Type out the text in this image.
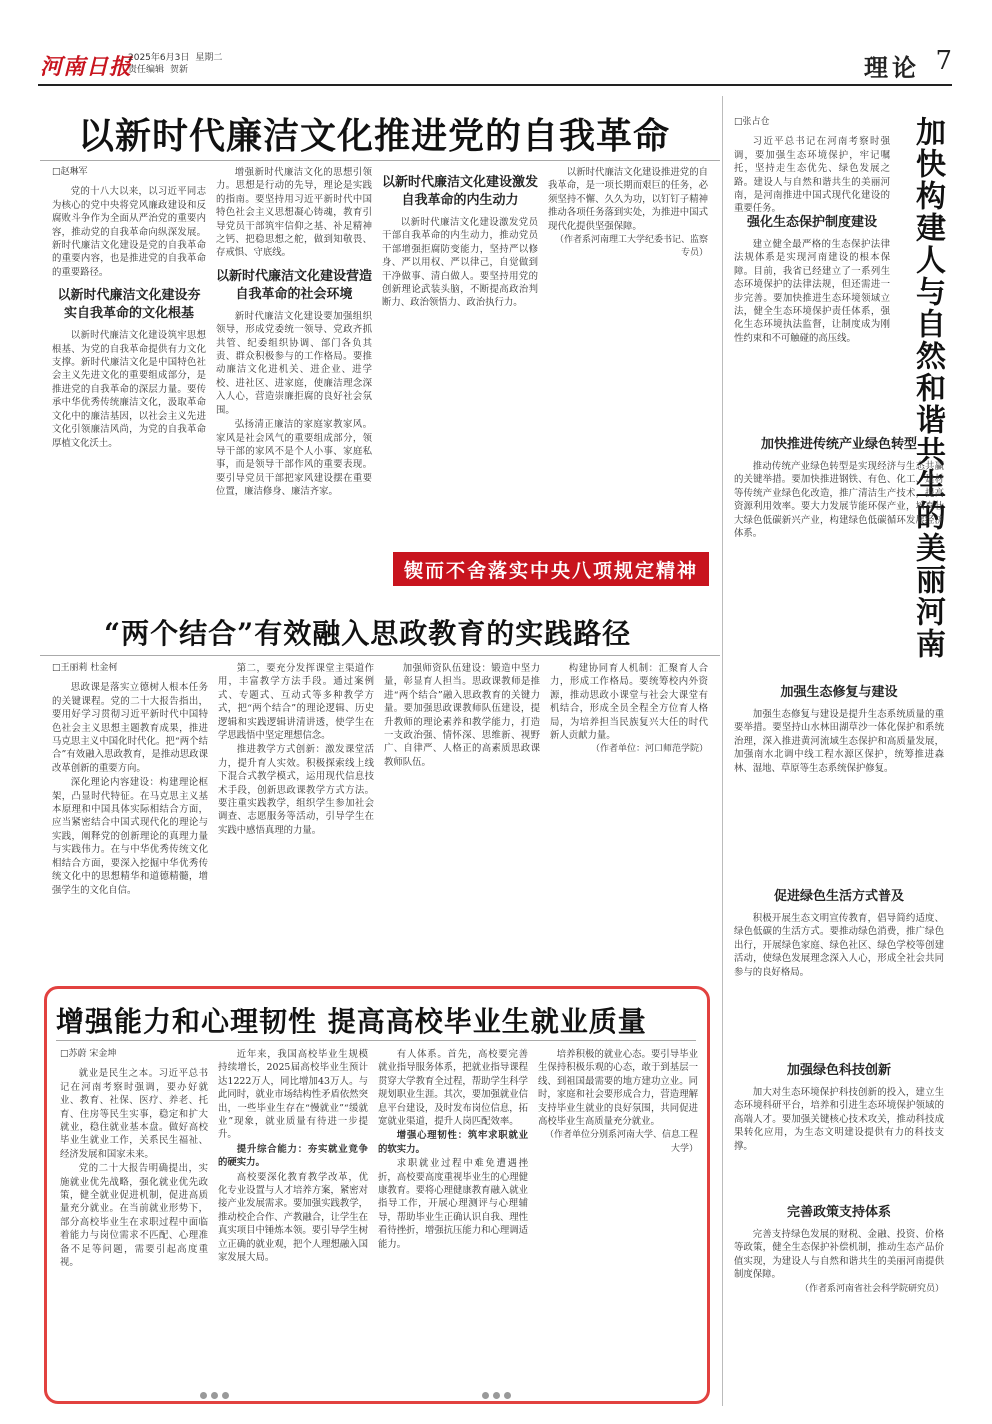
河南日报
2025年6月3日 星期二
责任编辑 贺新	理论 7
以新时代廉洁文化推进党的自我革命

□赵琳军

党的十八大以来，以习近平同志为核心的党中央将党风廉政建设和反腐败斗争作为全面从严治党的重要内容，推动党的自我革命向纵深发展。新时代廉洁文化建设是党的自我革命的重要内容，也是推进党的自我革命的重要路径。

以新时代廉洁文化建设夯实自我革命的文化根基

以新时代廉洁文化建设筑牢思想根基、为党的自我革命提供有力文化支撑。新时代廉洁文化是中国特色社会主义先进文化的重要组成部分，是推进党的自我革命的深层力量。要传承中华优秀传统廉洁文化，汲取革命文化中的廉洁基因，以社会主义先进文化引领廉洁风尚，为党的自我革命厚植文化沃土。

增强新时代廉洁文化的思想引领力。思想是行动的先导，理论是实践的指南。要坚持用习近平新时代中国特色社会主义思想凝心铸魂，教育引导党员干部筑牢信仰之基、补足精神之钙、把稳思想之舵，做到知敬畏、存戒惧、守底线。

以新时代廉洁文化建设营造自我革命的社会环境

新时代廉洁文化建设要加强组织领导，形成党委统一领导、党政齐抓共管、纪委组织协调、部门各负其责、群众积极参与的工作格局。要推动廉洁文化进机关、进企业、进学校、进社区、进家庭，使廉洁理念深入人心，营造崇廉拒腐的良好社会氛围。

弘扬清正廉洁的家庭家教家风。家风是社会风气的重要组成部分，领导干部的家风不是个人小事、家庭私事，而是领导干部作风的重要表现。要引导党员干部把家风建设摆在重要位置，廉洁修身、廉洁齐家。

以新时代廉洁文化建设激发自我革命的内生动力

以新时代廉洁文化建设激发党员干部自我革命的内生动力，推动党员干部增强拒腐防变能力，坚持严以修身、严以用权、严以律己，自觉做到干净做事、清白做人。要坚持用党的创新理论武装头脑，不断提高政治判断力、政治领悟力、政治执行力。

以新时代廉洁文化建设推进党的自我革命，是一项长期而艰巨的任务，必须坚持不懈、久久为功，以钉钉子精神推动各项任务落到实处，为推进中国式现代化提供坚强保障。

（作者系河南理工大学纪委书记、监察专员）

锲而不舍落实中央八项规定精神
“两个结合”有效融入思政教育的实践路径

□王丽莉 杜金柯

思政课是落实立德树人根本任务的关键课程。党的二十大报告指出，要用好学习贯彻习近平新时代中国特色社会主义思想主题教育成果，推进马克思主义中国化时代化。把“两个结合”有效融入思政教育，是推动思政课改革创新的重要方向。

深化理论内容建设：构建理论框架，凸显时代特征。在马克思主义基本原理和中国具体实际相结合方面，应当紧密结合中国式现代化的理论与实践，阐释党的创新理论的真理力量与实践伟力。在与中华优秀传统文化相结合方面，要深入挖掘中华优秀传统文化中的思想精华和道德精髓，增强学生的文化自信。

第二，要充分发挥课堂主渠道作用，丰富教学方法手段。通过案例式、专题式、互动式等多种教学方式，把“两个结合”的理论逻辑、历史逻辑和实践逻辑讲清讲透，使学生在学思践悟中坚定理想信念。

推进教学方式创新：激发课堂活力，提升育人实效。积极探索线上线下混合式教学模式，运用现代信息技术手段，创新思政课教学方式方法。要注重实践教学，组织学生参加社会调查、志愿服务等活动，引导学生在实践中感悟真理的力量。

加强师资队伍建设：锻造中坚力量，彰显育人担当。思政课教师是推进“两个结合”融入思政教育的关键力量。要加强思政课教师队伍建设，提升教师的理论素养和教学能力，打造一支政治强、情怀深、思维新、视野广、自律严、人格正的高素质思政课教师队伍。

构建协同育人机制：汇聚育人合力，形成工作格局。要统筹校内外资源，推动思政小课堂与社会大课堂有机结合，形成全员全程全方位育人格局，为培养担当民族复兴大任的时代新人贡献力量。

（作者单位：河口师范学院）

增强能力和心理韧性 提高高校毕业生就业质量

□苏蔚 宋金坤

就业是民生之本。习近平总书记在河南考察时强调，要办好就业、教育、社保、医疗、养老、托育、住房等民生实事，稳定和扩大就业，稳住就业基本盘。做好高校毕业生就业工作，关系民生福祉、经济发展和国家未来。

党的二十大报告明确提出，实施就业优先战略，强化就业优先政策，健全就业促进机制，促进高质量充分就业。在当前就业形势下，部分高校毕业生在求职过程中面临着能力与岗位需求不匹配、心理准备不足等问题，需要引起高度重视。

近年来，我国高校毕业生规模持续增长，2025届高校毕业生预计达1222万人，同比增加43万人。与此同时，就业市场结构性矛盾依然突出，一些毕业生存在“慢就业”“缓就业”现象，就业质量有待进一步提升。

提升综合能力：夯实就业竞争的硬实力。

高校要深化教育教学改革，优化专业设置与人才培养方案，紧密对接产业发展需求。要加强实践教学，推动校企合作、产教融合，让学生在真实项目中锤炼本领。要引导学生树立正确的就业观，把个人理想融入国家发展大局。

有人体系。首先，高校要完善就业指导服务体系，把就业指导课程贯穿大学教育全过程，帮助学生科学规划职业生涯。其次，要加强就业信息平台建设，及时发布岗位信息，拓宽就业渠道，提升人岗匹配效率。

增强心理韧性：筑牢求职就业的软实力。

求职就业过程中难免遭遇挫折，高校要高度重视毕业生的心理健康教育。要将心理健康教育融入就业指导工作，开展心理测评与心理辅导，帮助毕业生正确认识自我、理性看待挫折，增强抗压能力和心理调适能力。

培养积极的就业心态。要引导毕业生保持积极乐观的心态，敢于到基层一线、到祖国最需要的地方建功立业。同时，家庭和社会要形成合力，营造理解支持毕业生就业的良好氛围，共同促进高校毕业生高质量充分就业。

（作者单位分别系河南大学、信息工程大学）

加快构建人与自然和谐共生的美丽河南

□张占仓

习近平总书记在河南考察时强调，要加强生态环境保护，牢记嘱托，坚持走生态优先、绿色发展之路。建设人与自然和谐共生的美丽河南，是河南推进中国式现代化建设的重要任务。

强化生态保护制度建设

建立健全最严格的生态保护法律法规体系是实现河南建设的根本保障。目前，我省已经建立了一系列生态环境保护的法律法规，但还需进一步完善。要加快推进生态环境领域立法，健全生态环境保护责任体系，强化生态环境执法监督，让制度成为刚性约束和不可触碰的高压线。

加快推进传统产业绿色转型

推动传统产业绿色转型是实现经济与生态共赢的关键举措。要加快推进钢铁、有色、化工、建材等传统产业绿色化改造，推广清洁生产技术，提高资源利用效率。要大力发展节能环保产业，培育壮大绿色低碳新兴产业，构建绿色低碳循环发展经济体系。

加强生态修复与建设

加强生态修复与建设是提升生态系统质量的重要举措。要坚持山水林田湖草沙一体化保护和系统治理，深入推进黄河流域生态保护和高质量发展，加强南水北调中线工程水源区保护，统筹推进森林、湿地、草原等生态系统保护修复。

促进绿色生活方式普及

积极开展生态文明宣传教育，倡导简约适度、绿色低碳的生活方式。要推动绿色消费，推广绿色出行，开展绿色家庭、绿色社区、绿色学校等创建活动，使绿色发展理念深入人心，形成全社会共同参与的良好格局。

加强绿色科技创新

加大对生态环境保护科技创新的投入，建立生态环境科研平台，培养和引进生态环境保护领域的高端人才。要加强关键核心技术攻关，推动科技成果转化应用，为生态文明建设提供有力的科技支撑。

完善政策支持体系

完善支持绿色发展的财税、金融、投资、价格等政策，健全生态保护补偿机制，推动生态产品价值实现，为建设人与自然和谐共生的美丽河南提供制度保障。

（作者系河南省社会科学院研究员）
